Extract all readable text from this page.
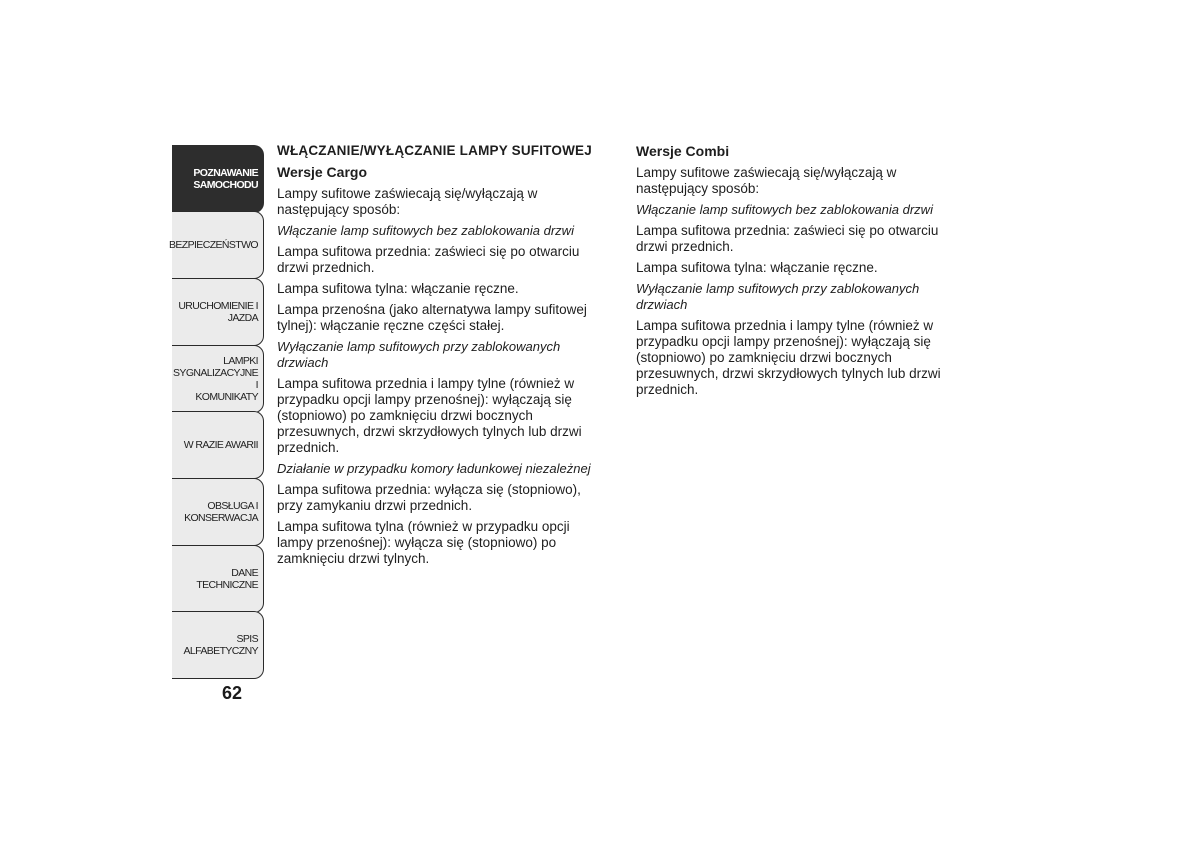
POZNAWANIE
SAMOCHODU
BEZPIECZEŃSTWO
URUCHOMIENIE I
JAZDA
LAMPKI
SYGNALIZACYJNE I
KOMUNIKATY
W RAZIE AWARII
OBSŁUGA I
KONSERWACJA
DANE TECHNICZNE
SPIS ALFABETYCZNY
62
WŁĄCZANIE/WYŁĄCZANIE LAMPY SUFITOWEJ
Wersje Cargo

Lampy sufitowe zaświecają się/wyłączają w następujący sposób:

Włączanie lamp sufitowych bez zablokowania drzwi

Lampa sufitowa przednia: zaświeci się po otwarciu drzwi przednich.

Lampa sufitowa tylna: włączanie ręczne.

Lampa przenośna (jako alternatywa lampy sufitowej tylnej): włączanie ręczne części stałej.

Wyłączanie lamp sufitowych przy zablokowanych drzwiach

Lampa sufitowa przednia i lampy tylne (również w przypadku opcji lampy przenośnej): wyłączają się (stopniowo) po zamknięciu drzwi bocznych przesuwnych, drzwi skrzydłowych tylnych lub drzwi przednich.

Działanie w przypadku komory ładunkowej niezależnej

Lampa sufitowa przednia: wyłącza się (stopniowo), przy zamykaniu drzwi przednich.

Lampa sufitowa tylna (również w przypadku opcji lampy przenośnej): wyłącza się (stopniowo) po zamknięciu drzwi tylnych.

Wersje Combi

Lampy sufitowe zaświecają się/wyłączają w następujący sposób:

Włączanie lamp sufitowych bez zablokowania drzwi

Lampa sufitowa przednia: zaświeci się po otwarciu drzwi przednich.

Lampa sufitowa tylna: włączanie ręczne.

Wyłączanie lamp sufitowych przy zablokowanych drzwiach

Lampa sufitowa przednia i lampy tylne (również w przypadku opcji lampy przenośnej): wyłączają się (stopniowo) po zamknięciu drzwi bocznych przesuwnych, drzwi skrzydłowych tylnych lub drzwi przednich.
